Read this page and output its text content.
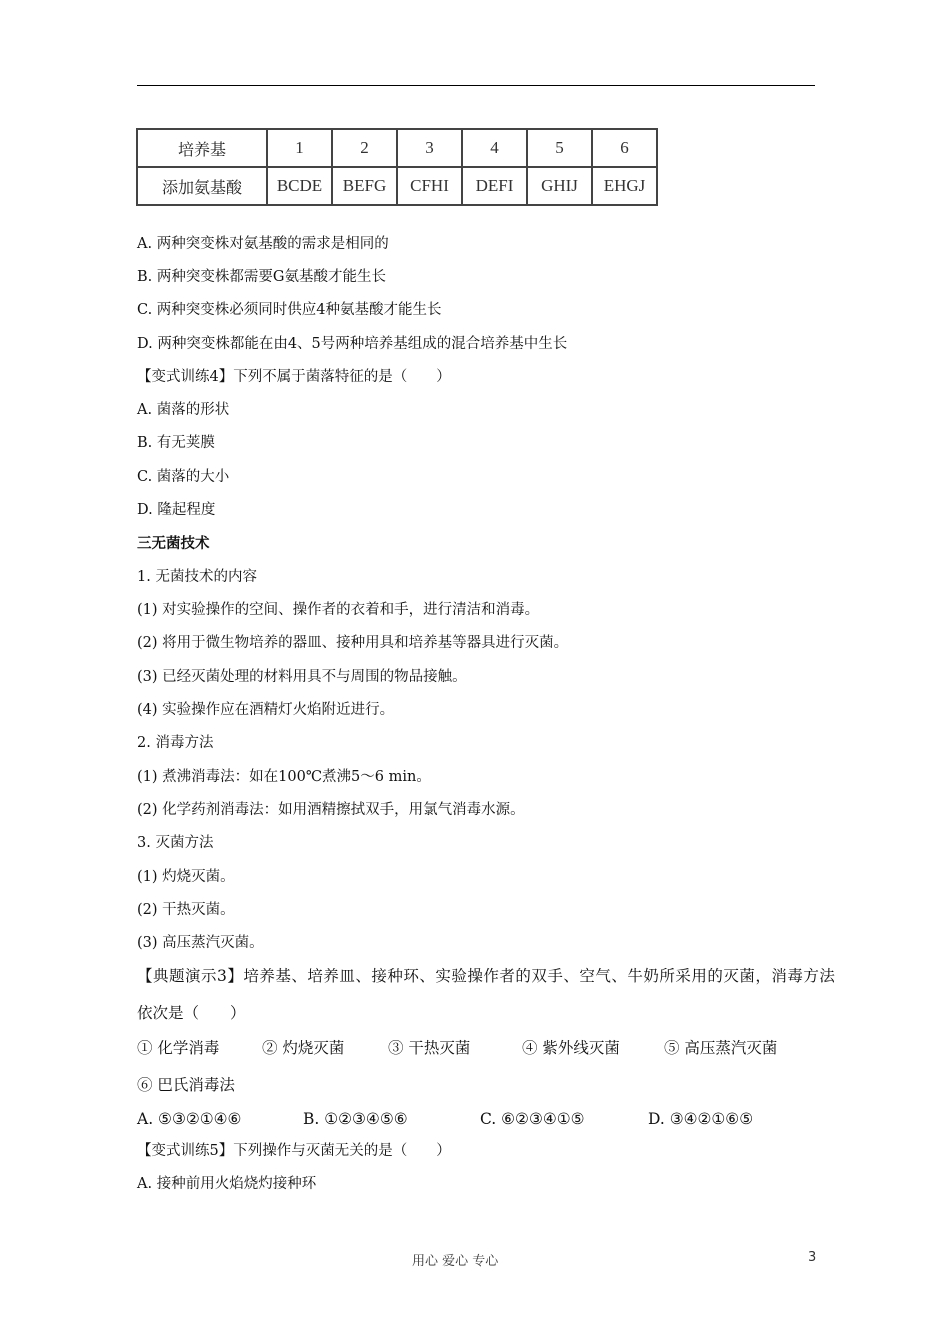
培养基	1	2	3	4	5	6
添加氨基酸	BCDE	BEFG	CFHI	DEFI	GHIJ	EHGJ
A. 两种突变株对氨基酸的需求是相同的
B. 两种突变株都需要G氨基酸才能生长
C. 两种突变株必须同时供应4种氨基酸才能生长
D. 两种突变株都能在由4、5号两种培养基组成的混合培养基中生长
【变式训练4】下列不属于菌落特征的是（　　）
A. 菌落的形状
B. 有无荚膜
C. 菌落的大小
D. 隆起程度
三无菌技术
1. 无菌技术的内容
(1) 对实验操作的空间、操作者的衣着和手，进行清洁和消毒。
(2) 将用于微生物培养的器皿、接种用具和培养基等器具进行灭菌。
(3) 已经灭菌处理的材料用具不与周围的物品接触。
(4) 实验操作应在酒精灯火焰附近进行。
2. 消毒方法
(1) 煮沸消毒法：如在100℃煮沸5～6 min。
(2) 化学药剂消毒法：如用酒精擦拭双手，用氯气消毒水源。
3. 灭菌方法
(1) 灼烧灭菌。
(2) 干热灭菌。
(3) 高压蒸汽灭菌。
【典题演示3】培养基、培养皿、接种环、实验操作者的双手、空气、牛奶所采用的灭菌，消毒方法
依次是（　　）
① 化学消毒	② 灼烧灭菌	③ 干热灭菌	④ 紫外线灭菌	⑤ 高压蒸汽灭菌
⑥ 巴氏消毒法
A. ⑤③②①④⑥	B. ①②③④⑤⑥	C. ⑥②③④①⑤	D. ③④②①⑥⑤
【变式训练5】下列操作与灭菌无关的是（　　）
A. 接种前用火焰烧灼接种环
用心 爱心 专心	3
